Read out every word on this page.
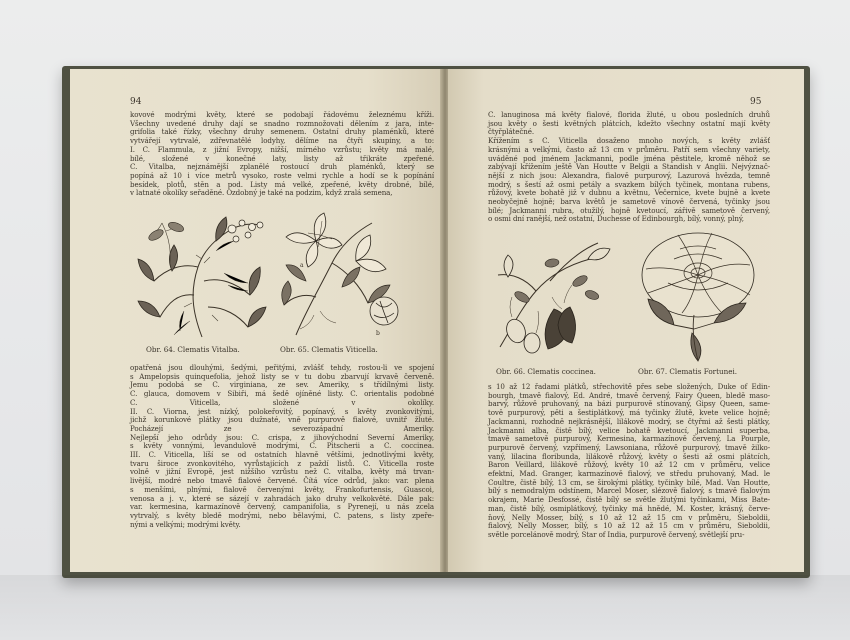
94

kovové modrými květy, které se podobají řádovému železnému kříži.

Všechny uvedené druhy dají se snadno rozmnožovati dělením z jara, inte-

grifolia také řízky, všechny druhy semenem. Ostatní druhy plaménků, které

vytvářejí vytrvalé, zdřevnatělé lodyhy, dělíme na čtyři skupiny, a to:

I. C. Flammula, z jižní Evropy, nižší, mírného vzrůstu; květy má malé,

bílé, složené v konečné laty, listy až třikráte zpeřené.

C. Vitalba, nejznámější zplanělé rostoucí druh plaménků, který se

popíná až 10 i více metrů vysoko, roste velmi rychle a hodí se k popínání

besídek, plotů, stěn a pod. Listy má velké, zpeřené, květy drobné, bílé,

v latnaté okolíky seřaděné. Ozdobný je také na podzim, když zralá semena,

a
b
Obr. 64. Clematis Vitalba.	Obr. 65. Clematis Viticella.

opatřená jsou dlouhými, šedými, peřitými, zvlášť tehdy, rostou-li ve spojení

s Ampelopsis quinquefolia, jehož listy se v tu dobu zbarvují krvavě červeně.

Jemu podobá se C. virginiana, ze sev. Ameriky, s třídílnými listy.

C. glauca, domovem v Sibiři, má šedě ojíněné listy. C. orientalis podobné

C. Viticella, složené v okolíky.

II. C. Viorna, jest nízký, polokeřovitý, popínavý, s květy zvonkovitými,

jichž korunkové plátky jsou dužnaté, vně purpurově fialové, uvnitř žluté.

Pocházejí ze severozápadní Ameriky.

Nejlepší jeho odrůdy jsou: C. crispa, z jihovýchodní Severní Ameriky,

s květy vonnými, levandulově modrými, C. Pitscherii a C. coccinea.

III. C. Viticella, líší se od ostatních hlavně většími, jednotlivými květy,

tvaru široce zvonkovitého, vyrůstajících z paždí listů. C. Viticella roste

volně v jižní Evropě, jest nižšího vzrůstu než C. vitalba, květy má trvan-

livější, modré nebo tmavě fialové červené. Čítá více odrůd, jako: var. plena

s menšími, plnými, fialově červenými květy, Frankofurtensis, Guascoi,

venosa a j. v., které se sázejí v zahradách jako druhy velkokvěté. Dále pak:

var. kermesina, karmazínově červený, campanifolia, s Pyrenejí, u nás zcela

vytrvalý, s květy bledě modrými, nebo bělavými, C. patens, s listy zpeře-

nými a velkými; modrými květy.

95

C. lanuginosa má květy fialové, florida žluté, u obou posledních druhů

jsou květy o šesti květných plátcích, kdežto všechny ostatní mají květy

čtyřplátečné.

Křížením s C. Viticella dosaženo mnoho nových, s květy zvlášť

krásnými a velkými, často až 13 cm v průměru. Patří sem všechny variety,

uváděné pod jménem Jackmanni, podle jména pěstitele, kromě něhož se

zabývají křížením ještě Van Houtte v Belgii a Standish v Anglii. Nejvýznač-

nější z nich jsou: Alexandra, fialově purpurový, Lazurová hvězda, temně

modrý, s šestí až osmi petály a svazkem bílých tyčinek, montana rubens,

růžový, kvete bohatě již v dubnu a květnu, Večernice, kvete bujně a kvete

neobyčejně hojně; barva květů je sametově vínově červená, tyčinky jsou

bílé; Jackmanni rubra, otužilý, hojně kvetoucí, zářivě sametově červený,

o osmi dní ranější, než ostatní, Duchesse of Edinbourgh, bílý, vonný, plný,

Obr. 66. Clematis coccinea.	Obr. 67. Clematis Fortunei.

s 10 až 12 řadami plátků, střechovitě přes sebe složených, Duke of Edin-

bourgh, tmavě fialový, Ed. André, tmavě červený, Fairy Queen, bledě maso-

barvý, růžově pruhovaný, na bázi purpurově stínovaný, Gipsy Queen, same-

tově purpurový, pěti a šestiplátkový, má tyčinky žlutě, kvete velice hojně;

Jackmanni, rozhodně nejkrásnější, lilákově modrý, se čtyřmi až šesti plátky,

Jackmanni alba, čistě bílý, velice bohatě kvetoucí, Jackmanni superba,

tmavě sametově purpurový, Kermesina, karmazínově červený, La Pourple,

purpurově červený, vzpřímený, Lawsoniana, růžově purpurový, tmavě žilko-

vaný, lilacina floribunda, lilákově růžový, květy o šesti až osmi plátcích,

Baron Veillard, lilákově růžový, květy 10 až 12 cm v průměru, velice

efektní, Mad. Granger, karmazínově fialový, ve středu pruhovaný, Mad. le

Coultre, čistě bílý, 13 cm, se širokými plátky, tyčinky bílé, Mad. Van Houtte,

bílý s nemodralým odstínem, Marcel Moser, slézově fialový, s tmavě fialovým

okrajem, Marie Desfossé, čistě bílý se světle žlutými tyčinkami, Miss Bate-

man, čistě bílý, osmiplátkový, tyčinky má hnědé, M. Koster, krásný, červe-

ňový, Nelly Mosser, bílý, s 10 až 12 až 15 cm v průměru, Sieboldii,

fialový, Nelly Mosser, bílý, s 10 až 12 až 15 cm v průměru, Sieboldii,

světle porcelánově modrý, Star of India, purpurově červený, světlejší pru-
